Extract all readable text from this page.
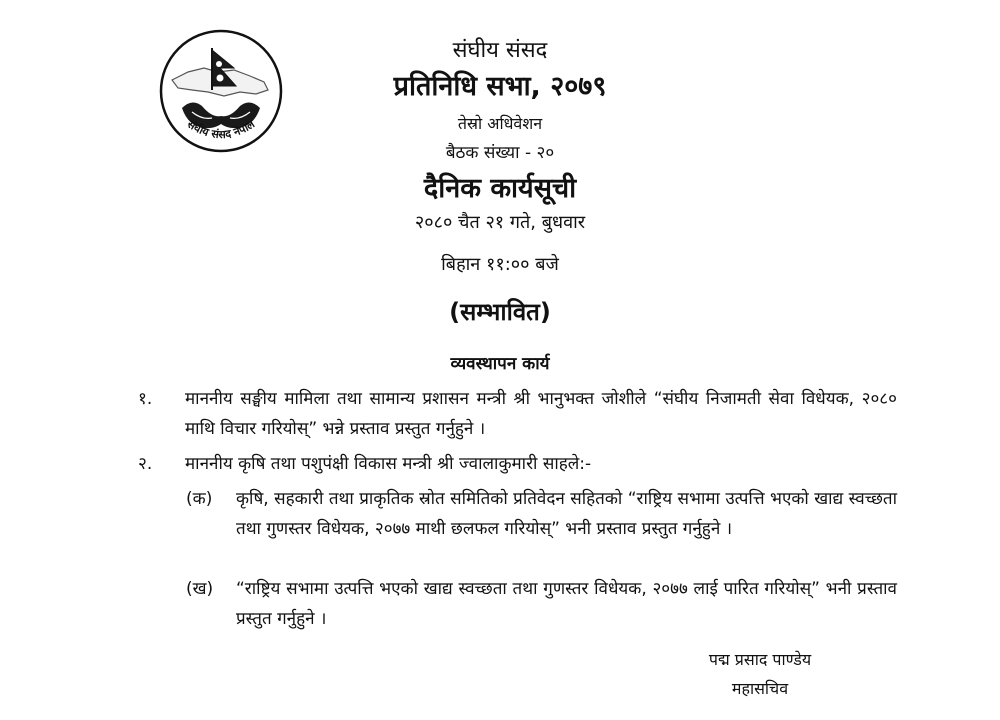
संघीय संसद नेपाल
संघीय संसद
प्रतिनिधि सभा, २०७९
तेस्रो अधिवेशन
बैठक संख्या - २०
दैनिक कार्यसूची
२०८० चैत २१ गते, बुधवार
बिहान ११:०० बजे
(सम्भावित)
व्यवस्थापन कार्य
१. माननीय सङ्घीय मामिला तथा सामान्य प्रशासन मन्त्री श्री भानुभक्त जोशीले “संघीय निजामती सेवा विधेयक, २०८० माथि विचार गरियोस्” भन्ने प्रस्ताव प्रस्तुत गर्नुहुने ।
२. माननीय कृषि तथा पशुपंक्षी विकास मन्त्री श्री ज्वालाकुमारी साहले:-
(क) कृषि, सहकारी तथा प्राकृतिक स्रोत समितिको प्रतिवेदन सहितको “राष्ट्रिय सभामा उत्पत्ति भएको खाद्य स्वच्छता तथा गुणस्तर विधेयक, २०७७ माथी छलफल गरियोस्” भनी प्रस्ताव प्रस्तुत गर्नुहुने ।
(ख) “राष्ट्रिय सभामा उत्पत्ति भएको खाद्य स्वच्छता तथा गुणस्तर विधेयक, २०७७ लाई पारित गरियोस्” भनी प्रस्ताव प्रस्तुत गर्नुहुने ।
पद्म प्रसाद पाण्डेय
महासचिव
